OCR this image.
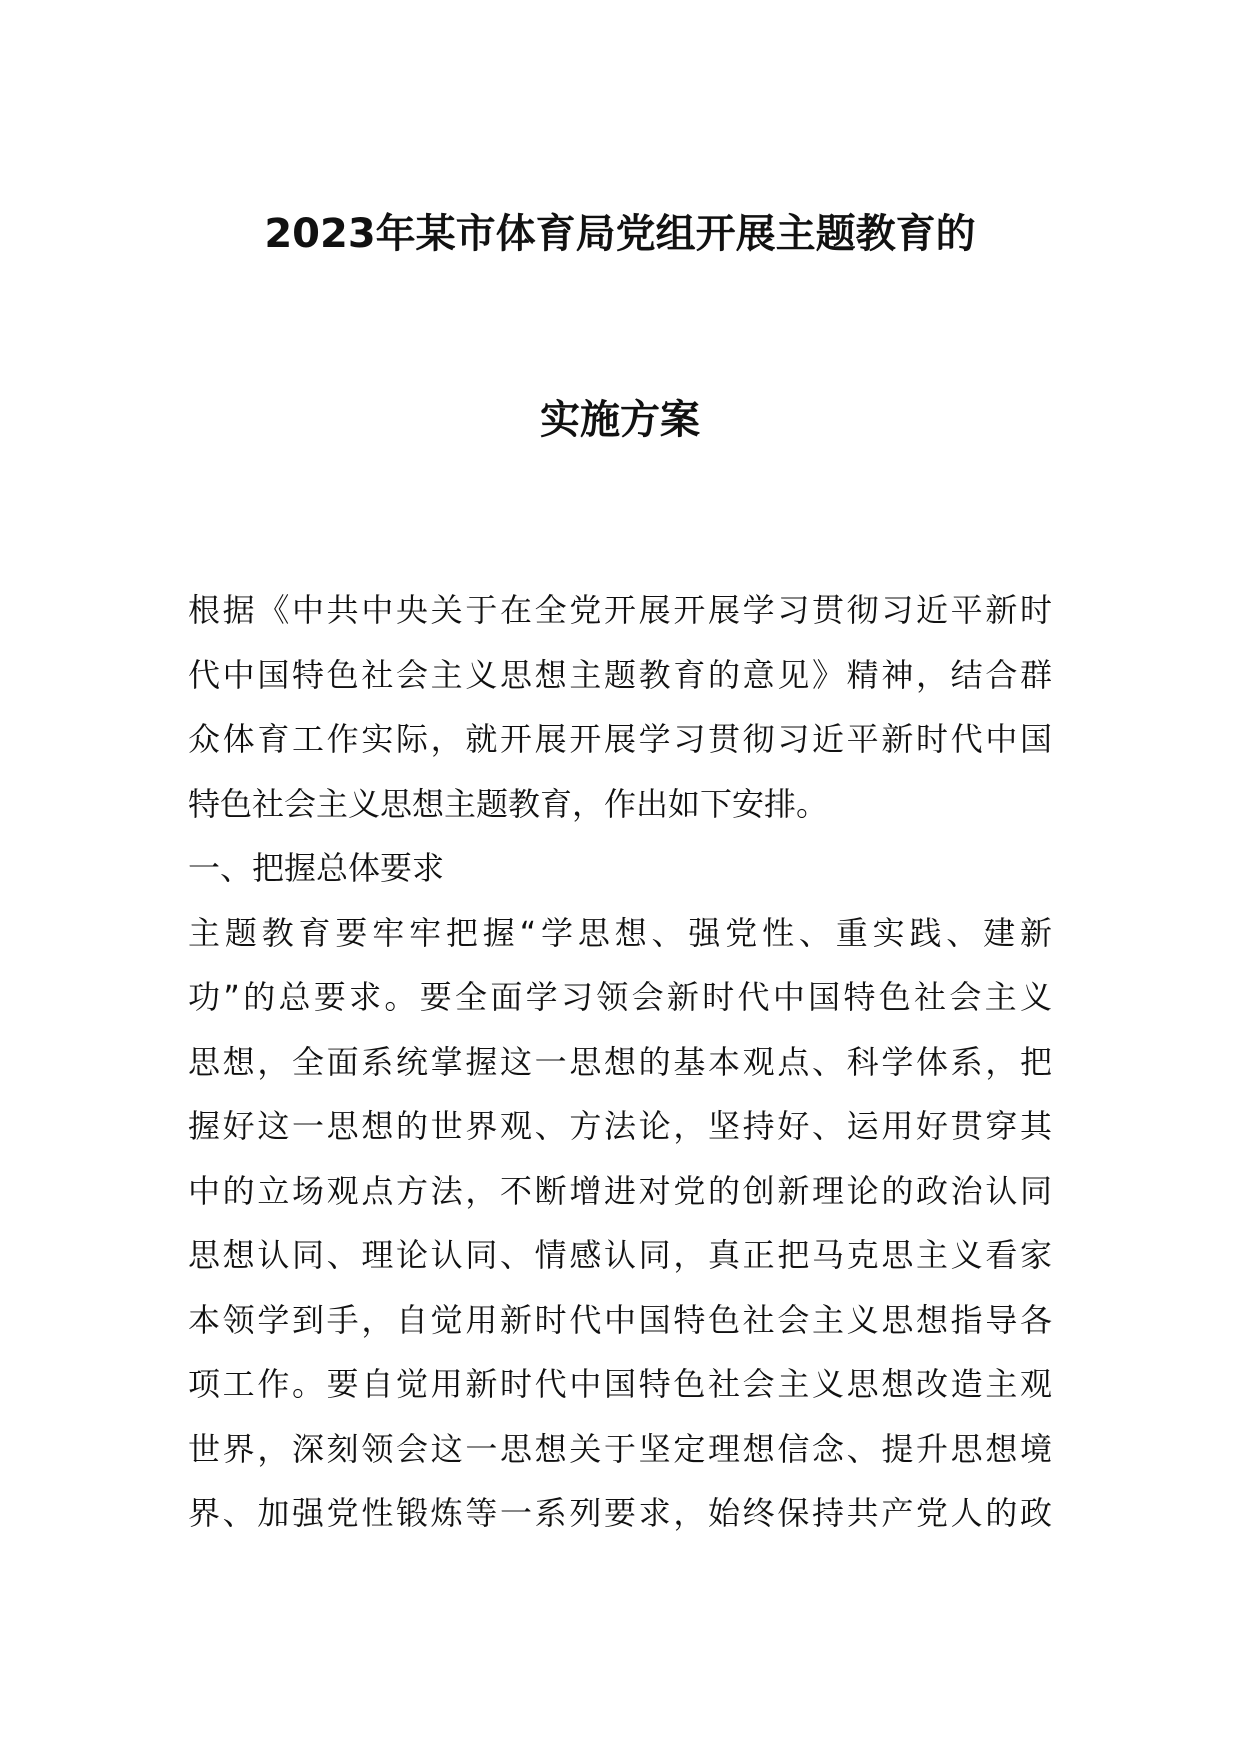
2023年某市体育局党组开展主题教育的
实施方案
根据《中共中央关于在全党开展开展学习贯彻习近平新时
代中国特色社会主义思想主题教育的意见》精神，结合群
众体育工作实际，就开展开展学习贯彻习近平新时代中国
特色社会主义思想主题教育，作出如下安排。
一、把握总体要求
主题教育要牢牢把握“学思想、强党性、重实践、建新
功”的总要求。要全面学习领会新时代中国特色社会主义
思想，全面系统掌握这一思想的基本观点、科学体系，把
握好这一思想的世界观、方法论，坚持好、运用好贯穿其
中的立场观点方法，不断增进对党的创新理论的政治认同
思想认同、理论认同、情感认同，真正把马克思主义看家
本领学到手，自觉用新时代中国特色社会主义思想指导各
项工作。要自觉用新时代中国特色社会主义思想改造主观
世界，深刻领会这一思想关于坚定理想信念、提升思想境
界、加强党性锻炼等一系列要求，始终保持共产党人的政
